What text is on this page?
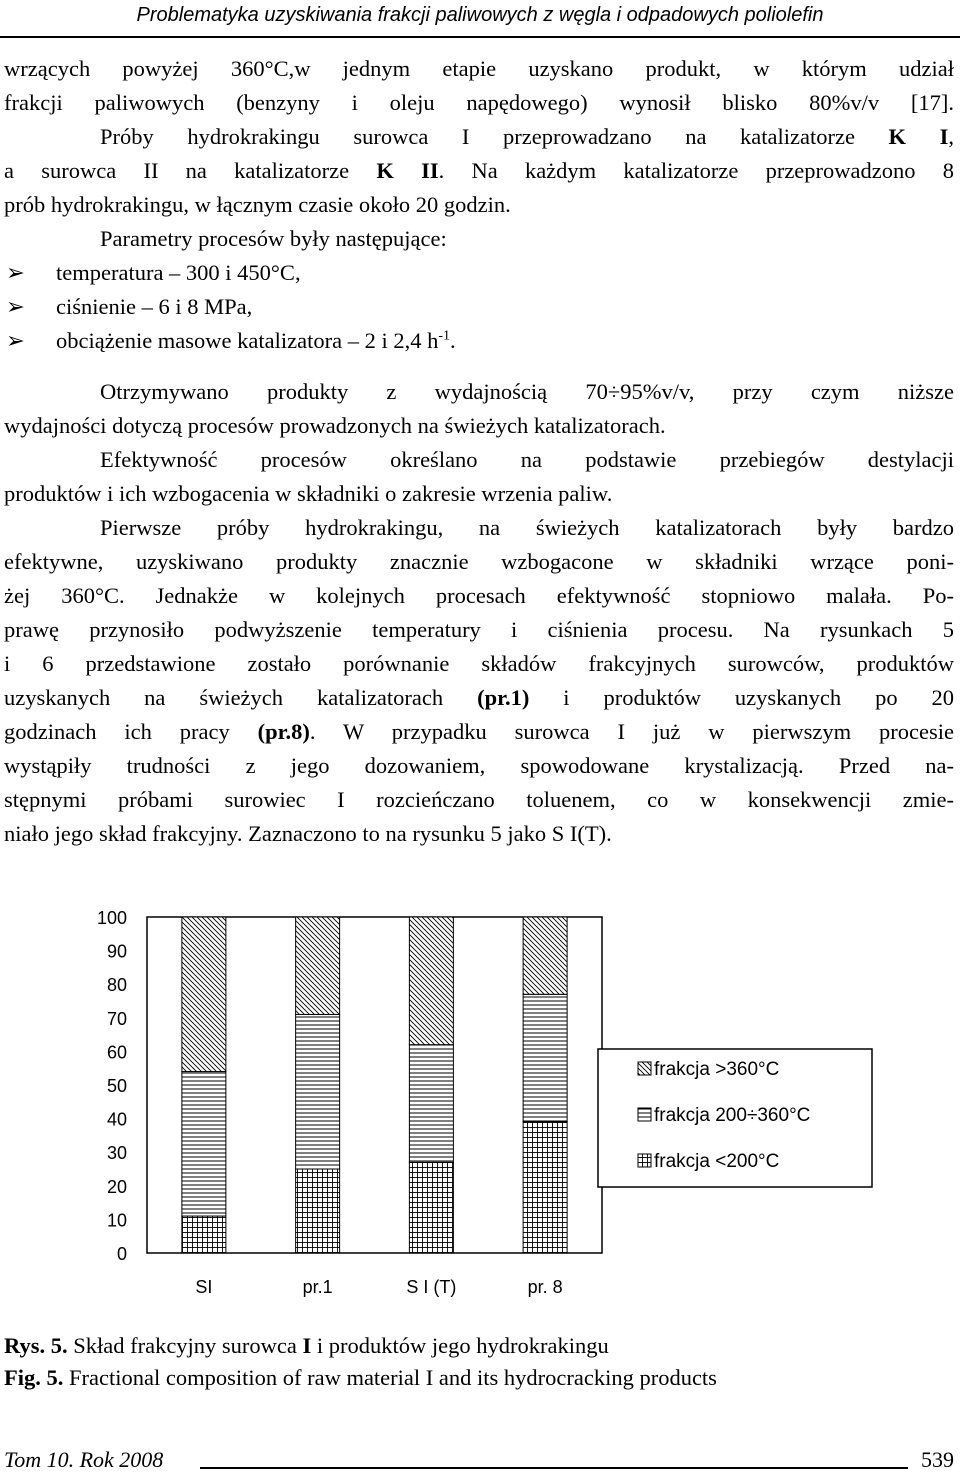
Problematyka uzyskiwania frakcji paliwowych z węgla i odpadowych poliolefin
wrzących powyżej 360°C,w jednym etapie uzyskano produkt, w którym udział
frakcji paliwowych (benzyny i oleju napędowego) wynosił blisko 80%v/v [17].
Próby hydrokrakingu surowca I przeprowadzano na katalizatorze K I,
a surowca II na katalizatorze K II. Na każdym katalizatorze przeprowadzono 8
prób hydrokrakingu, w łącznym czasie około 20 godzin.
Parametry procesów były następujące:
➢ temperatura – 300 i 450°C,
➢ ciśnienie – 6 i 8 MPa,
➢ obciążenie masowe katalizatora – 2 i 2,4 $h^{-1}$.
Otrzymywano produkty z wydajnością 70÷95%v/v, przy czym niższe
wydajności dotyczą procesów prowadzonych na świeżych katalizatorach.
Efektywność procesów określano na podstawie przebiegów destylacji
produktów i ich wzbogacenia w składniki o zakresie wrzenia paliw.
Pierwsze próby hydrokrakingu, na świeżych katalizatorach były bardzo
efektywne, uzyskiwano produkty znacznie wzbogacone w składniki wrzące poni-
żej 360°C. Jednakże w kolejnych procesach efektywność stopniowo malała. Po-
prawę przynosiło podwyższenie temperatury i ciśnienia procesu. Na rysunkach 5
i 6 przedstawione zostało porównanie składów frakcyjnych surowców, produktów
uzyskanych na świeżych katalizatorach (pr.1) i produktów uzyskanych po 20
godzinach ich pracy (pr.8). W przypadku surowca I już w pierwszym procesie
wystąpiły trudności z jego dozowaniem, spowodowane krystalizacją. Przed na-
stępnymi próbami surowiec I rozcieńczano toluenem, co w konsekwencji zmie-
niało jego skład frakcyjny. Zaznaczono to na rysunku 5 jako S I(T).
0
10
20
30
40
50
60
70
80
90
100
SI	pr.1	S I (T)	pr. 8
frakcja >360°C
frakcja 200÷360°C
frakcja <200°C
Rys. 5. Skład frakcyjny surowca I i produktów jego hydrokrakingu
Fig. 5. Fractional composition of raw material I and its hydrocracking products
Tom 10. Rok 2008	539
